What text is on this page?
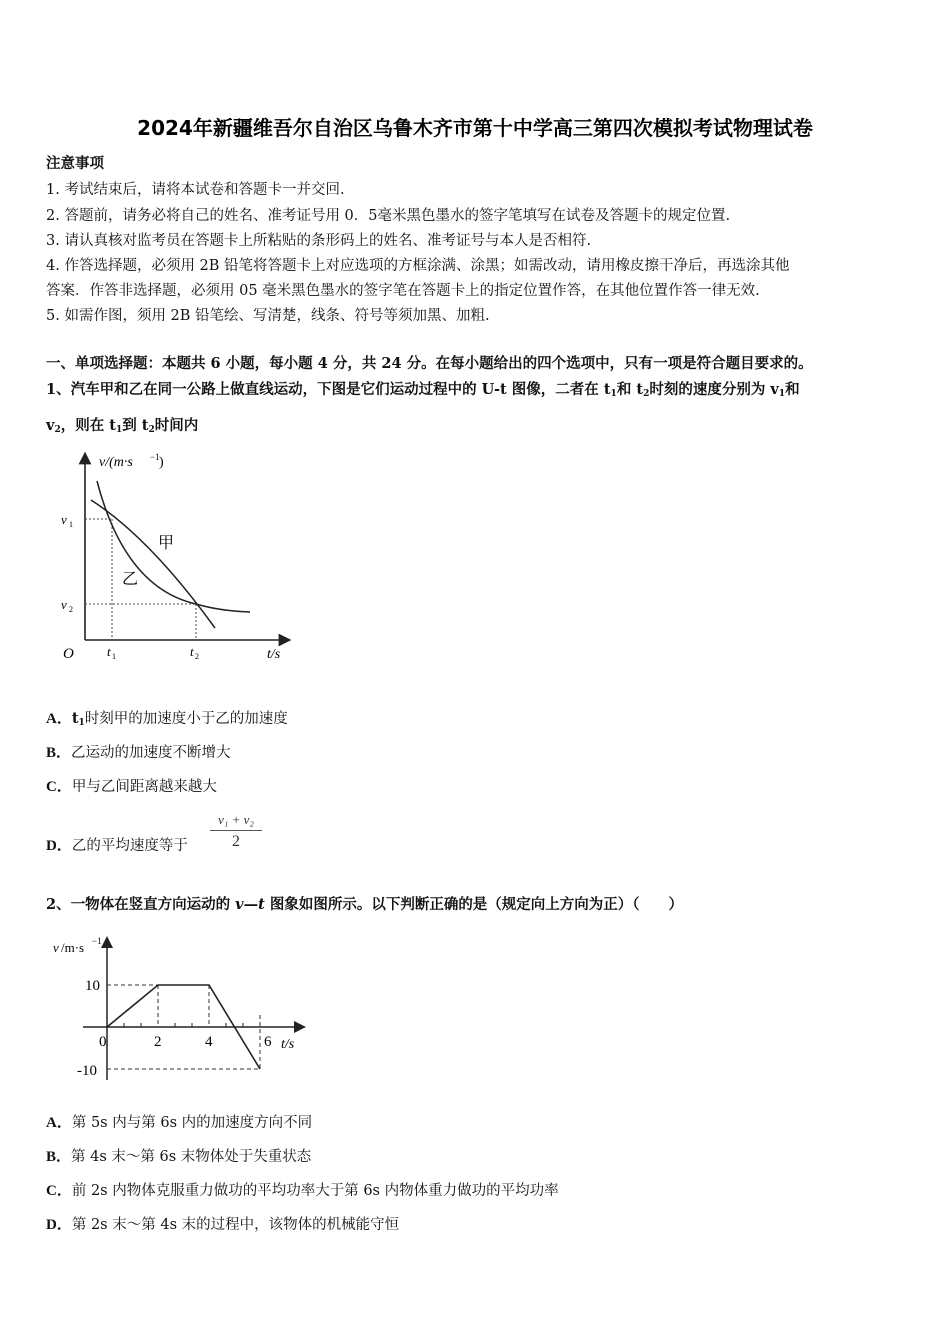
2024年新疆维吾尔自治区乌鲁木齐市第十中学高三第四次模拟考试物理试卷
注意事项
1. 考试结束后，请将本试卷和答题卡一并交回.
2. 答题前，请务必将自己的姓名、准考证号用 0．5毫米黑色墨水的签字笔填写在试卷及答题卡的规定位置.
3. 请认真核对监考员在答题卡上所粘贴的条形码上的姓名、准考证号与本人是否相符.
4. 作答选择题，必须用 2B 铅笔将答题卡上对应选项的方框涂满、涂黑；如需改动，请用橡皮擦干净后，再选涂其他
答案．作答非选择题，必须用 05 毫米黑色墨水的签字笔在答题卡上的指定位置作答，在其他位置作答一律无效.
5. 如需作图，须用 2B 铅笔绘、写清楚，线条、符号等须加黑、加粗.
一、单项选择题：本题共 6 小题，每小题 4 分，共 24 分。在每小题给出的四个选项中，只有一项是符合题目要求的。
1、汽车甲和乙在同一公路上做直线运动，下图是它们运动过程中的 U-t 图像，二者在 $t_1$和 $t_2$时刻的速度分别为 $v_1$和
$v_2$，则在 $t_1$到 $t_2$时间内
甲
乙
v/(m·s −1 )
v 1
v 2
O	t 1	t 2	t/s
A．$t_1$时刻甲的加速度小于乙的加速度
B．乙运动的加速度不断增大
C．甲与乙间距离越来越大
D．乙的平均速度等于
v₁ + v₂
2
2、一物体在竖直方向运动的 v—t 图象如图所示。以下判断正确的是（规定向上方向为正）（　　）
v /m·s −1
10
0	2	4	6 t/s
-10
A．第 5s 内与第 6s 内的加速度方向不同
B．第 4s 末～第 6s 末物体处于失重状态
C．前 2s 内物体克服重力做功的平均功率大于第 6s 内物体重力做功的平均功率
D．第 2s 末～第 4s 末的过程中，该物体的机械能守恒
